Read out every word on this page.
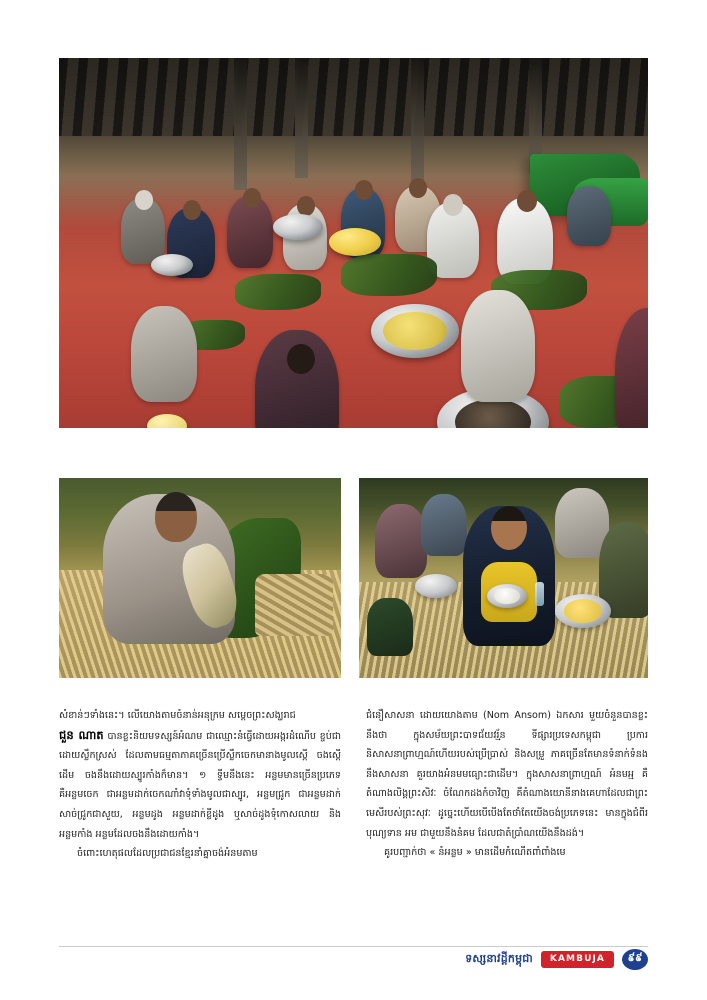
សំខាន់ៗទាំងនេះ។ លើយោងតាមចំនាន់អនុក្រម សម្ដេចព្រះសង្ឃរាជ

ជួន ណាត បានខ្លះនិយមទស្សន៍អំណម ជាឈ្មោះនំធ្វើដោយអង្ករដំណើប ខ្ចប់ជាដោយស្លឹកស្រស់ ដែលតាមធម្មតាភាគច្រើនប្រើស្លឹកចេកមានាងមូលស្តើ ចងស្តើដើម ចងនឹងដោយស្បូរកាំងក៏មាន។ ១ ទ្វីមនឹងនេះ អន្លមមានច្រើនប្រភេទ គឺអន្លមចេក ជាអន្លមដាក់ចេកណាំវាទុំទាំងមូលជាស្បូរ, អន្លមជ្រូក ជាអន្លមដាក់សាច់ជ្រូកជាសួយ, អន្លមដូង អន្លមដាក់ខ្លីដូង ឬសាច់ដូងទុំកោសលាយ និងអន្លមកាំង អន្លមដែលចងនឹងដោយកាំង។

ចំពោះហេតុផលដែលប្រជាជនខ្មែរនាំគ្នាចង់អំនមតាម

ជំនឿសាសនា ដោយយោងតាម (Nom Ansom) ឯកសារ មួយចំនួនបានខ្លះនឹងថា ក្នុងសម័យព្រះបាទជ័យវរ្ម័ន ទីផ្សារប្រទេសកម្ពុជា ប្រការនិសាសនាព្រាហ្មណ៍ហើយរបស់ប្រើប្រាស់ និងសម្រួ ភាគច្រើនតែមានទំនាក់ទំនងនឹងសាសនា គួរយាងអំនមមធ្យោះជាដើម។ ក្នុងសាសនាព្រាហ្មណ៍ អំនមអ្ម គឺតំណាងលិង្គព្រះសិវៈ ចំណែកដងកំចាវិញ គឺតំណាងយោនីនាងគេហាដែលជាព្រះមេសីរបស់ព្រះសុវៈ ដូច្នេះហើយបេីបើងតែថាំតែយើងចង់ប្រភេទនេះ មានក្នុងជំពីរបុណ្យទាន អម ជាមួយនឹងនំគម ដែលជាតំប្រាំណយើងនឹងដង់។

គូរបញ្ជាក់ថា « នំអន្លម » មានដើមកំណើតពាំពាំងមេ

ទស្សនាវដ្ដីកម្ពុជា	KAMBUJA	៩៩
